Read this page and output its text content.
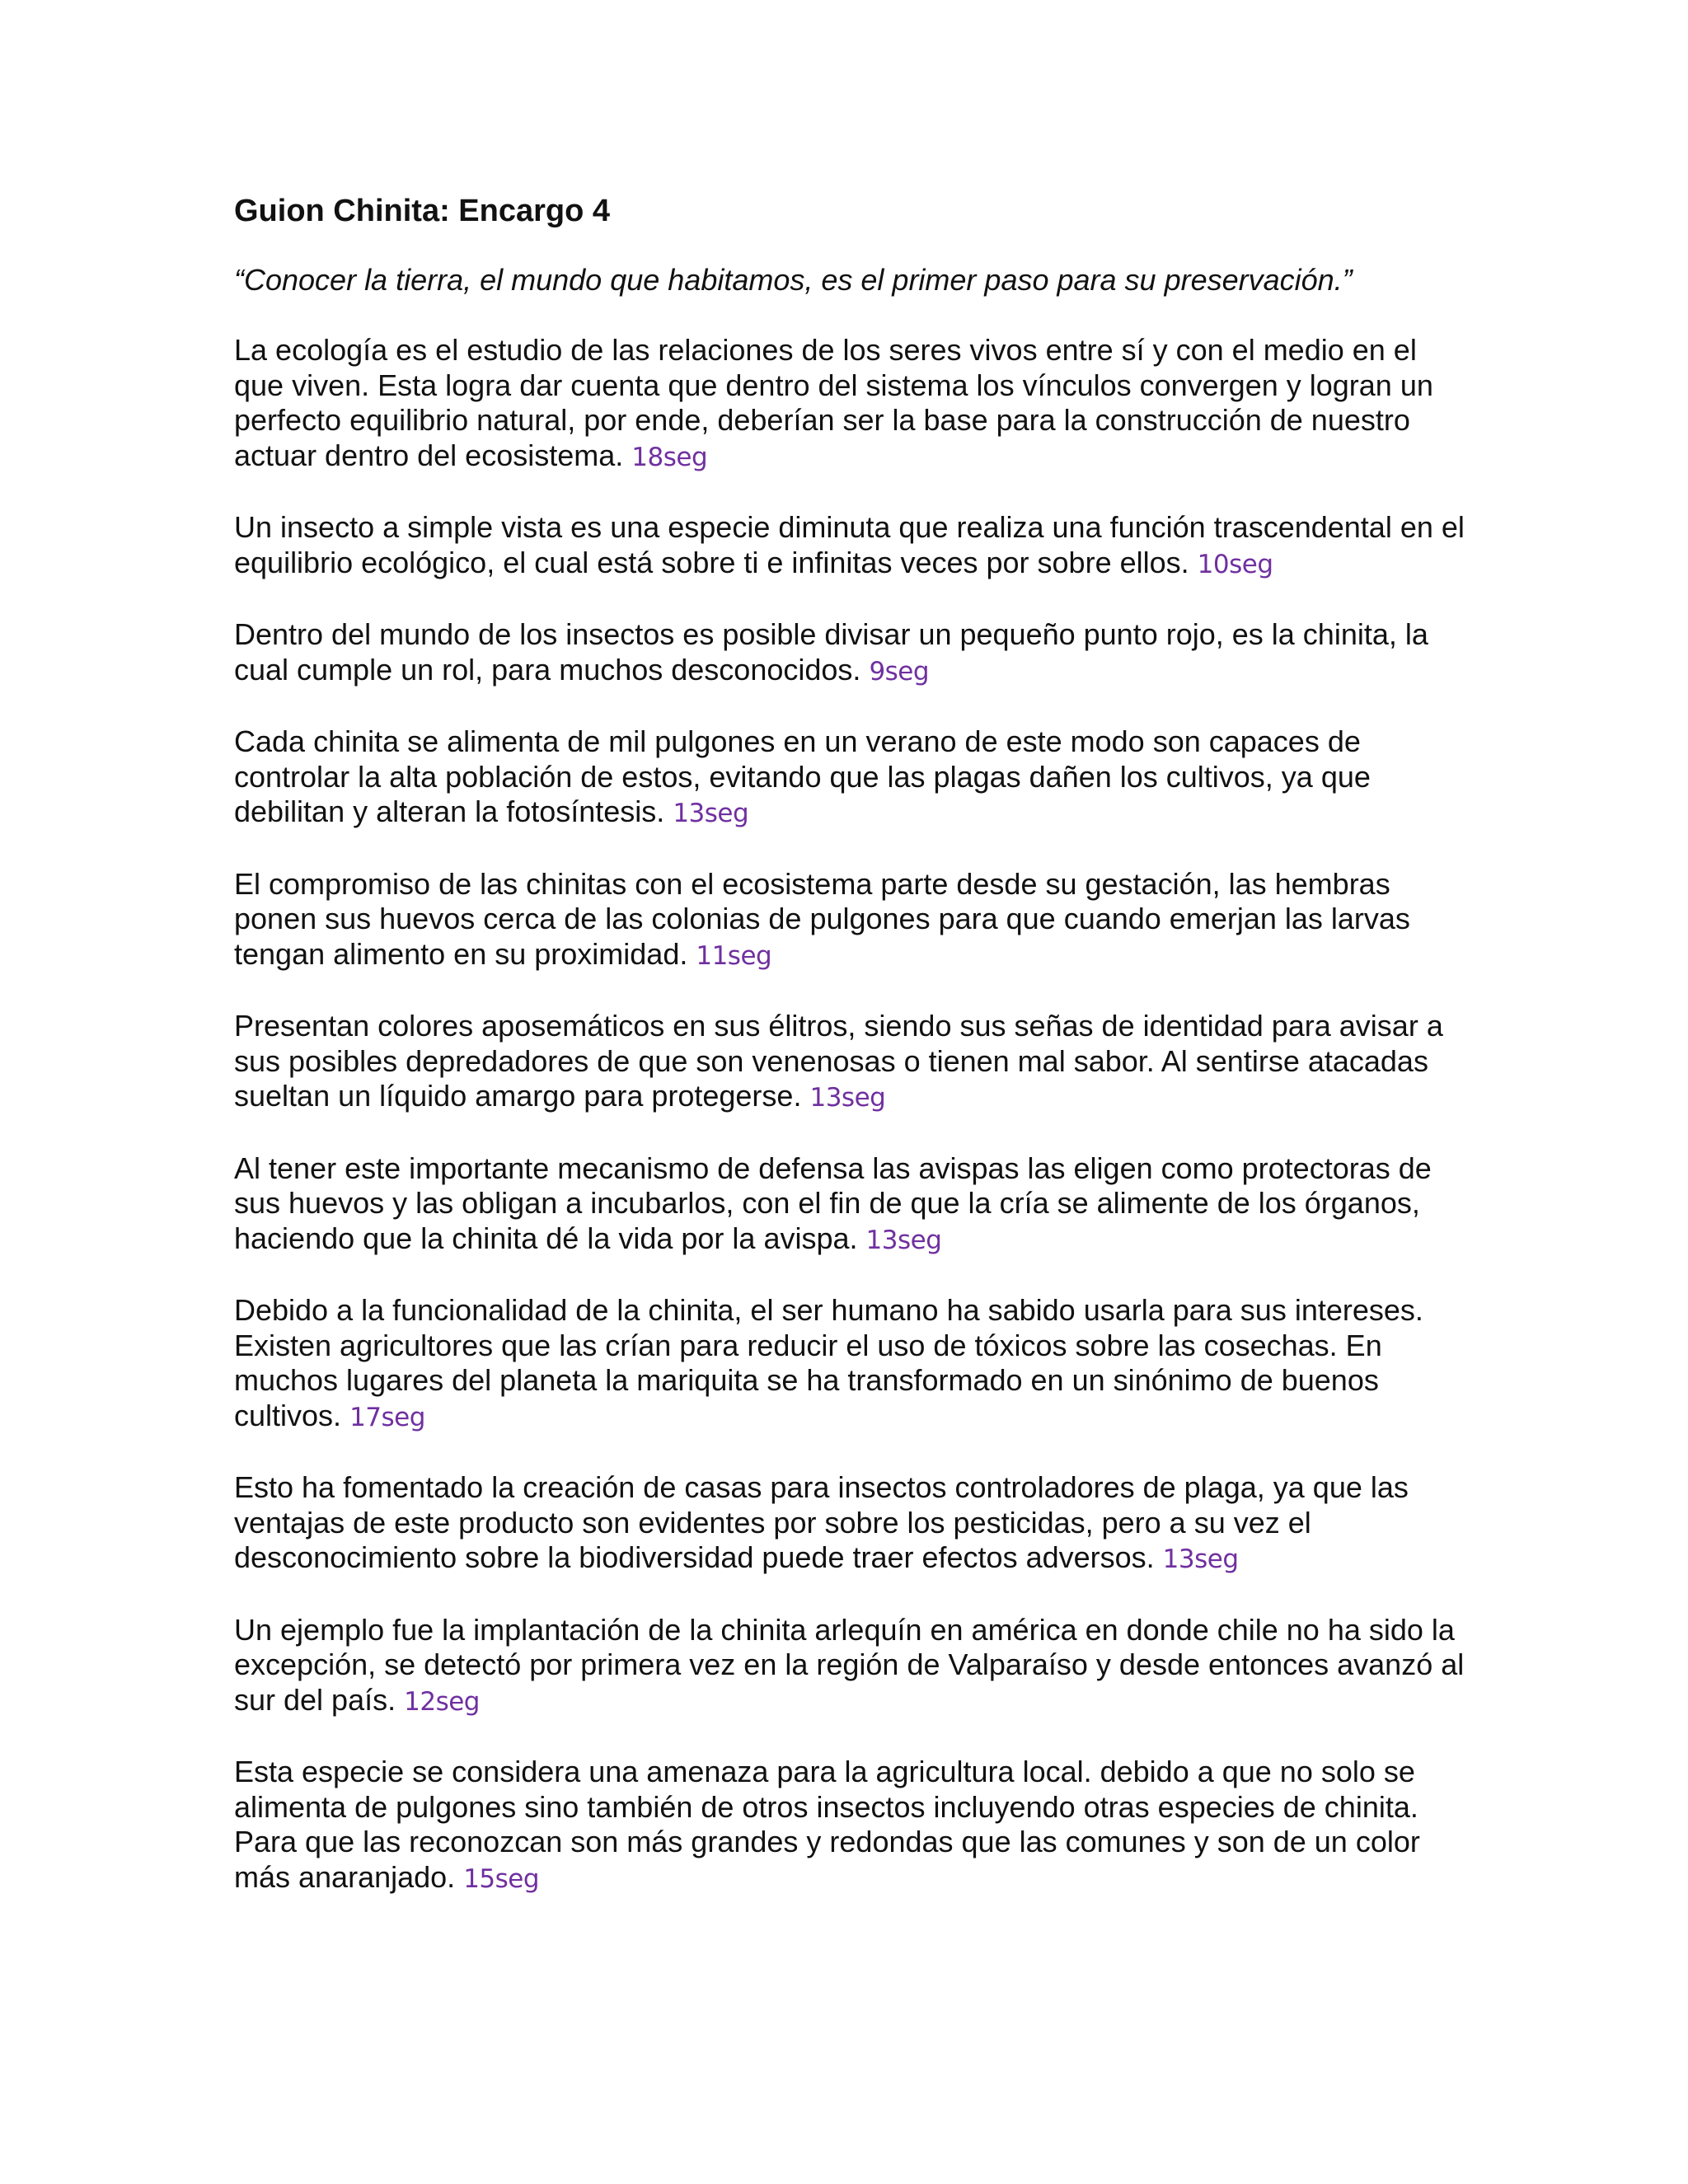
Guion Chinita: Encargo 4

“Conocer la tierra, el mundo que habitamos, es el primer paso para su preservación.”

La ecología es el estudio de las relaciones de los seres vivos entre sí y con el medio en el que viven. Esta logra dar cuenta que dentro del sistema los vínculos convergen y logran un perfecto equilibrio natural, por ende, deberían ser la base para la construcción de nuestro actuar dentro del ecosistema. 18seg

Un insecto a simple vista es una especie diminuta que realiza una función trascendental en el equilibrio ecológico, el cual está sobre ti e infinitas veces por sobre ellos. 10seg

Dentro del mundo de los insectos es posible divisar un pequeño punto rojo, es la chinita, la cual cumple un rol, para muchos desconocidos. 9seg

Cada chinita se alimenta de mil pulgones en un verano de este modo son capaces de controlar la alta población de estos, evitando que las plagas dañen los cultivos, ya que debilitan y alteran la fotosíntesis. 13seg

El compromiso de las chinitas con el ecosistema parte desde su gestación, las hembras ponen sus huevos cerca de las colonias de pulgones para que cuando emerjan las larvas tengan alimento en su proximidad. 11seg

Presentan colores aposemáticos en sus élitros, siendo sus señas de identidad para avisar a sus posibles depredadores de que son venenosas o tienen mal sabor. Al sentirse atacadas sueltan un líquido amargo para protegerse. 13seg

Al tener este importante mecanismo de defensa las avispas las eligen como protectoras de sus huevos y las obligan a incubarlos, con el fin de que la cría se alimente de los órganos, haciendo que la chinita dé la vida por la avispa. 13seg

Debido a la funcionalidad de la chinita, el ser humano ha sabido usarla para sus intereses. Existen agricultores que las crían para reducir el uso de tóxicos sobre las cosechas. En muchos lugares del planeta la mariquita se ha transformado en un sinónimo de buenos cultivos. 17seg

Esto ha fomentado la creación de casas para insectos controladores de plaga, ya que las ventajas de este producto son evidentes por sobre los pesticidas, pero a su vez el desconocimiento sobre la biodiversidad puede traer efectos adversos. 13seg

Un ejemplo fue la implantación de la chinita arlequín en américa en donde chile no ha sido la excepción, se detectó por primera vez en la región de Valparaíso y desde entonces avanzó al sur del país. 12seg

Esta especie se considera una amenaza para la agricultura local. debido a que no solo se alimenta de pulgones sino también de otros insectos incluyendo otras especies de chinita. Para que las reconozcan son más grandes y redondas que las comunes y son de un color más anaranjado. 15seg
